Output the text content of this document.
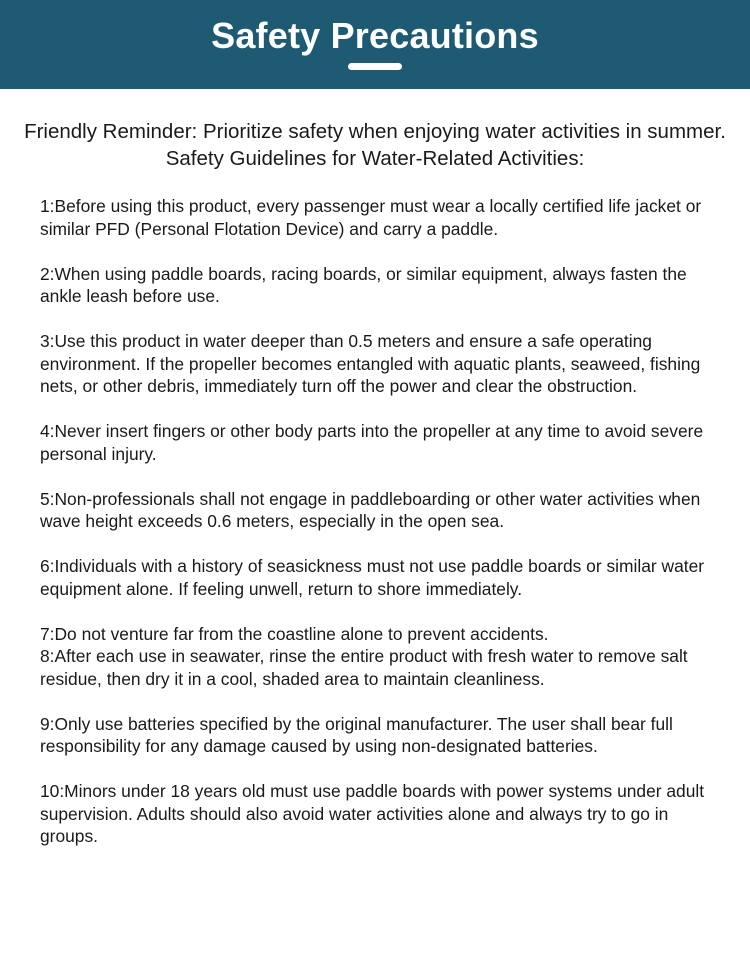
Safety Precautions
Friendly Reminder: Prioritize safety when enjoying water activities in summer. Safety Guidelines for Water-Related Activities:
1:Before using this product, every passenger must wear a locally certified life jacket or similar PFD (Personal Flotation Device) and carry a paddle.
2:When using paddle boards, racing boards, or similar equipment, always fasten the ankle leash before use.
3:Use this product in water deeper than 0.5 meters and ensure a safe operating environment. If the propeller becomes entangled with aquatic plants, seaweed, fishing nets, or other debris, immediately turn off the power and clear the obstruction.
4:Never insert fingers or other body parts into the propeller at any time to avoid severe personal injury.
5:Non-professionals shall not engage in paddleboarding or other water activities when wave height exceeds 0.6 meters, especially in the open sea.
6:Individuals with a history of seasickness must not use paddle boards or similar water equipment alone. If feeling unwell, return to shore immediately.
7:Do not venture far from the coastline alone to prevent accidents.
8:After each use in seawater, rinse the entire product with fresh water to remove salt residue, then dry it in a cool, shaded area to maintain cleanliness.
9:Only use batteries specified by the original manufacturer. The user shall bear full responsibility for any damage caused by using non-designated batteries.
10:Minors under 18 years old must use paddle boards with power systems under adult supervision. Adults should also avoid water activities alone and always try to go in groups.
